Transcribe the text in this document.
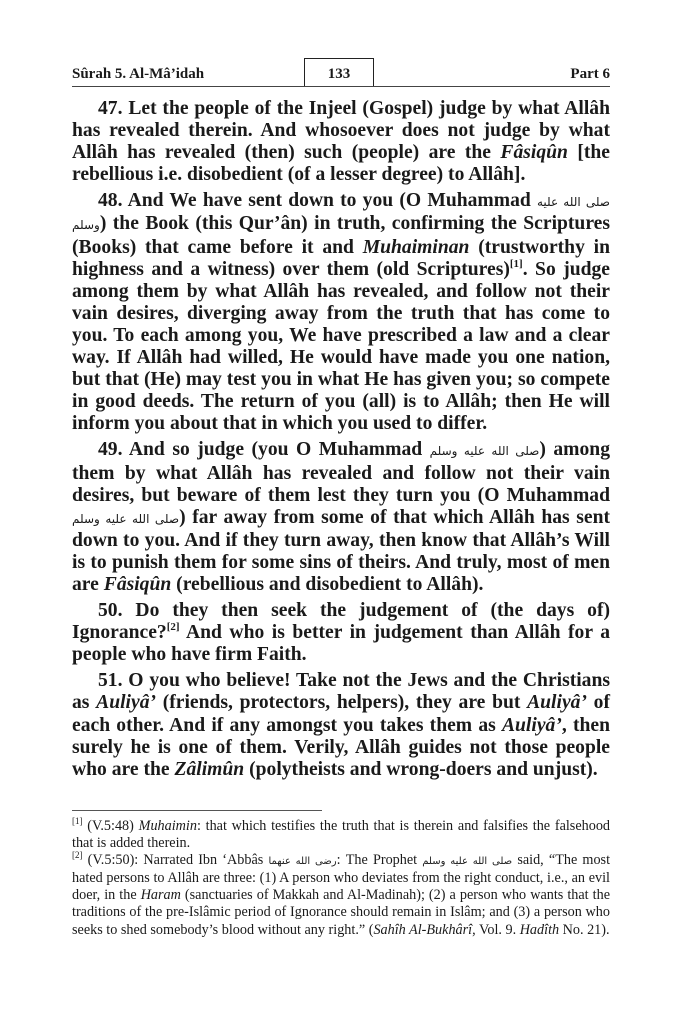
Sûrah 5. Al-Mâ’idah	133	Part 6

47. Let the people of the Injeel (Gospel) judge by what Allâh has revealed therein. And whosoever does not judge by what Allâh has revealed (then) such (people) are the Fâsiqûn [the rebellious i.e. disobedient (of a lesser degree) to Allâh].

48. And We have sent down to you (O Muhammad صلى الله عليه وسلم) the Book (this Qur’ân) in truth, confirming the Scriptures (Books) that came before it and Muhaiminan (trustworthy in highness and a witness) over them (old Scriptures)[1]. So judge among them by what Allâh has revealed, and follow not their vain desires, diverging away from the truth that has come to you. To each among you, We have prescribed a law and a clear way. If Allâh had willed, He would have made you one nation, but that (He) may test you in what He has given you; so compete in good deeds. The return of you (all) is to Allâh; then He will inform you about that in which you used to differ.

49. And so judge (you O Muhammad صلى الله عليه وسلم) among them by what Allâh has revealed and follow not their vain desires, but beware of them lest they turn you (O Muhammad صلى الله عليه وسلم) far away from some of that which Allâh has sent down to you. And if they turn away, then know that Allâh’s Will is to punish them for some sins of theirs. And truly, most of men are Fâsiqûn (rebellious and disobedient to Allâh).

50. Do they then seek the judgement of (the days of) Ignorance?[2] And who is better in judgement than Allâh for a people who have firm Faith.

51. O you who believe! Take not the Jews and the Christians as Auliyâ’ (friends, protectors, helpers), they are but Auliyâ’ of each other. And if any amongst you takes them as Auliyâ’, then surely he is one of them. Verily, Allâh guides not those people who are the Zâlimûn (polytheists and wrong-doers and unjust).

[1] (V.5:48) Muhaimin: that which testifies the truth that is therein and falsifies the falsehood that is added therein.

[2] (V.5:50): Narrated Ibn ‘Abbâs رضى الله عنهما: The Prophet صلى الله عليه وسلم said, “The most hated persons to Allâh are three: (1) A person who deviates from the right conduct, i.e., an evil doer, in the Haram (sanctuaries of Makkah and Al-Madinah); (2) a person who wants that the traditions of the pre-Islâmic period of Ignorance should remain in Islâm; and (3) a person who seeks to shed somebody’s blood without any right.” (Sahîh Al-Bukhârî, Vol. 9. Hadîth No. 21).
